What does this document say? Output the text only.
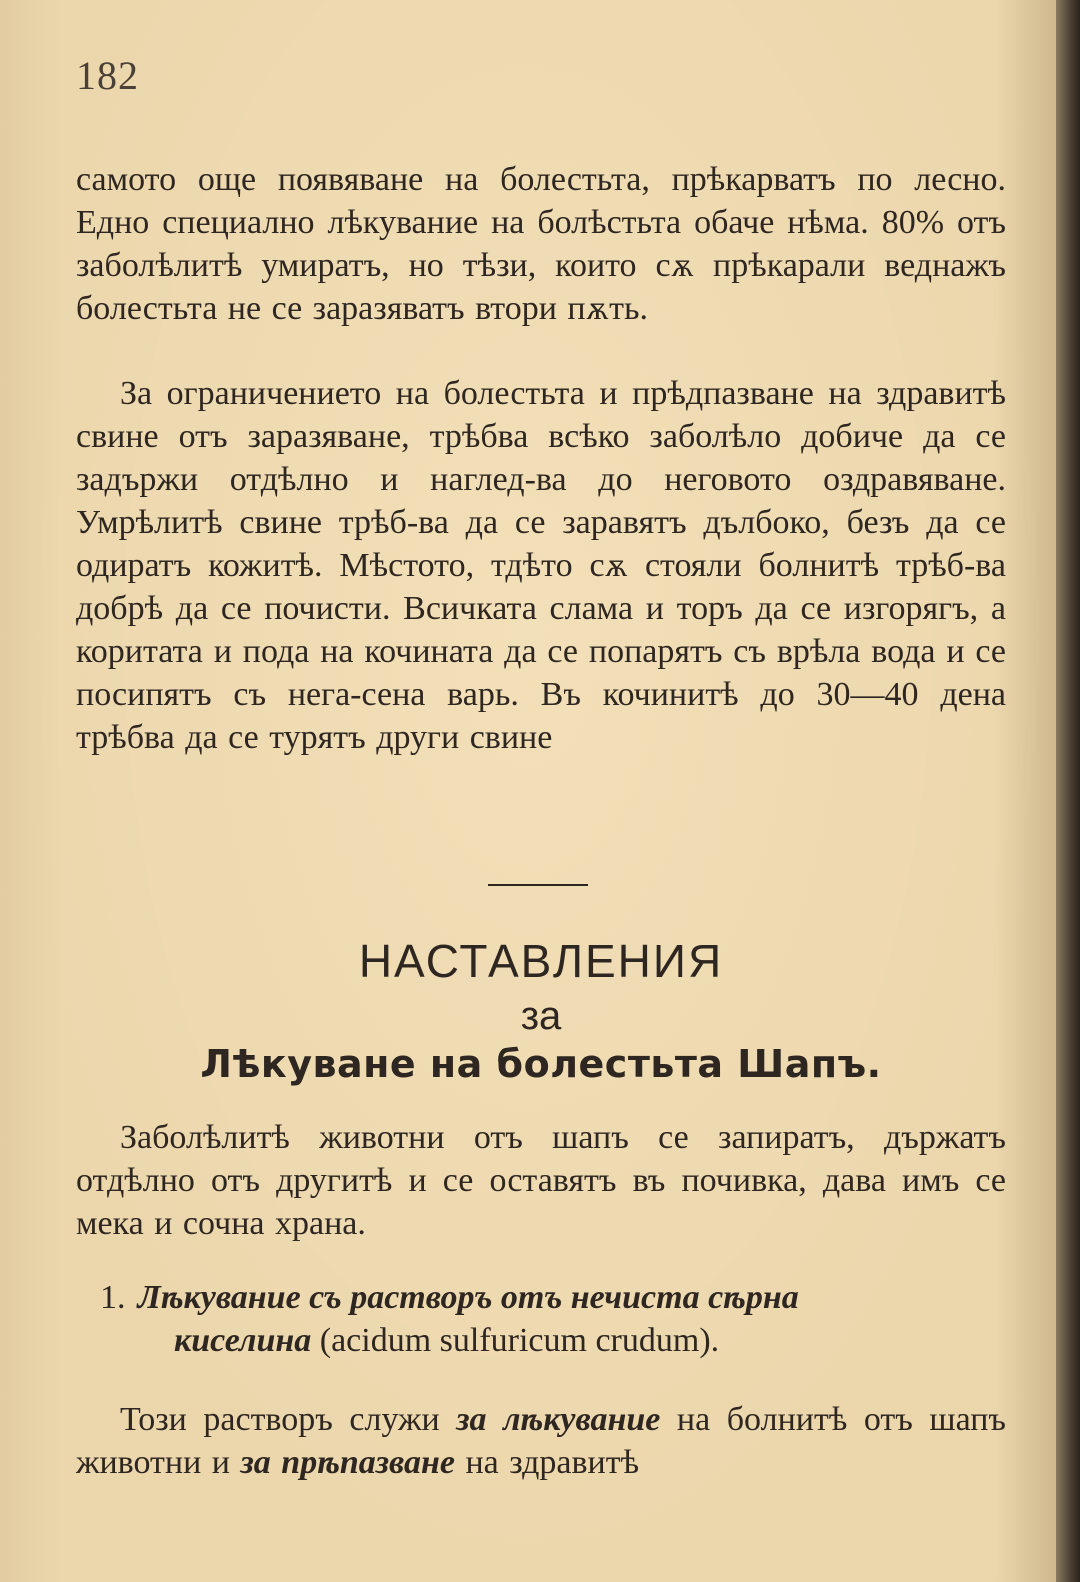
182

самото още появяване на болестьта, прѣкарватъ по лесно. Едно специално лѣкувание на болѣстьта обаче нѣма. 80% отъ заболѣлитѣ умиратъ, но тѣзи, които сѫ прѣкарали веднажъ болестьта не се заразяватъ втори пѫть.

За ограничението на болестьта и прѣдпазване на здравитѣ свине отъ заразяване, трѣбва всѣко заболѣло добиче да се задържи отдѣлно и наглед-ва до неговото оздравяване. Умрѣлитѣ свине трѣб-ва да се заравятъ дълбоко, безъ да се одиратъ кожитѣ. Мѣстото, тдѣто сѫ стояли болнитѣ трѣб-ва добрѣ да се почисти. Всичката слама и торъ да се изгорягъ, а коритата и пода на кочината да се попарятъ съ врѣла вода и се посипятъ съ нега-сена варь. Въ кочинитѣ до 30—40 дена трѣбва да се турятъ други свине

НАСТАВЛЕНИЯ
за
Лѣкуване на болестьта Шапъ.

Заболѣлитѣ животни отъ шапъ се запиратъ, държатъ отдѣлно отъ другитѣ и се оставятъ въ почивка, дава имъ се мека и сочна храна.

1. Лѣкувание съ растворъ отъ нечиста сѣрна
киселина (acidum sulfuricum crudum).

Този растворъ служи за лѣкувание на болнитѣ отъ шапъ животни и за прѣпазване на здравитѣ
